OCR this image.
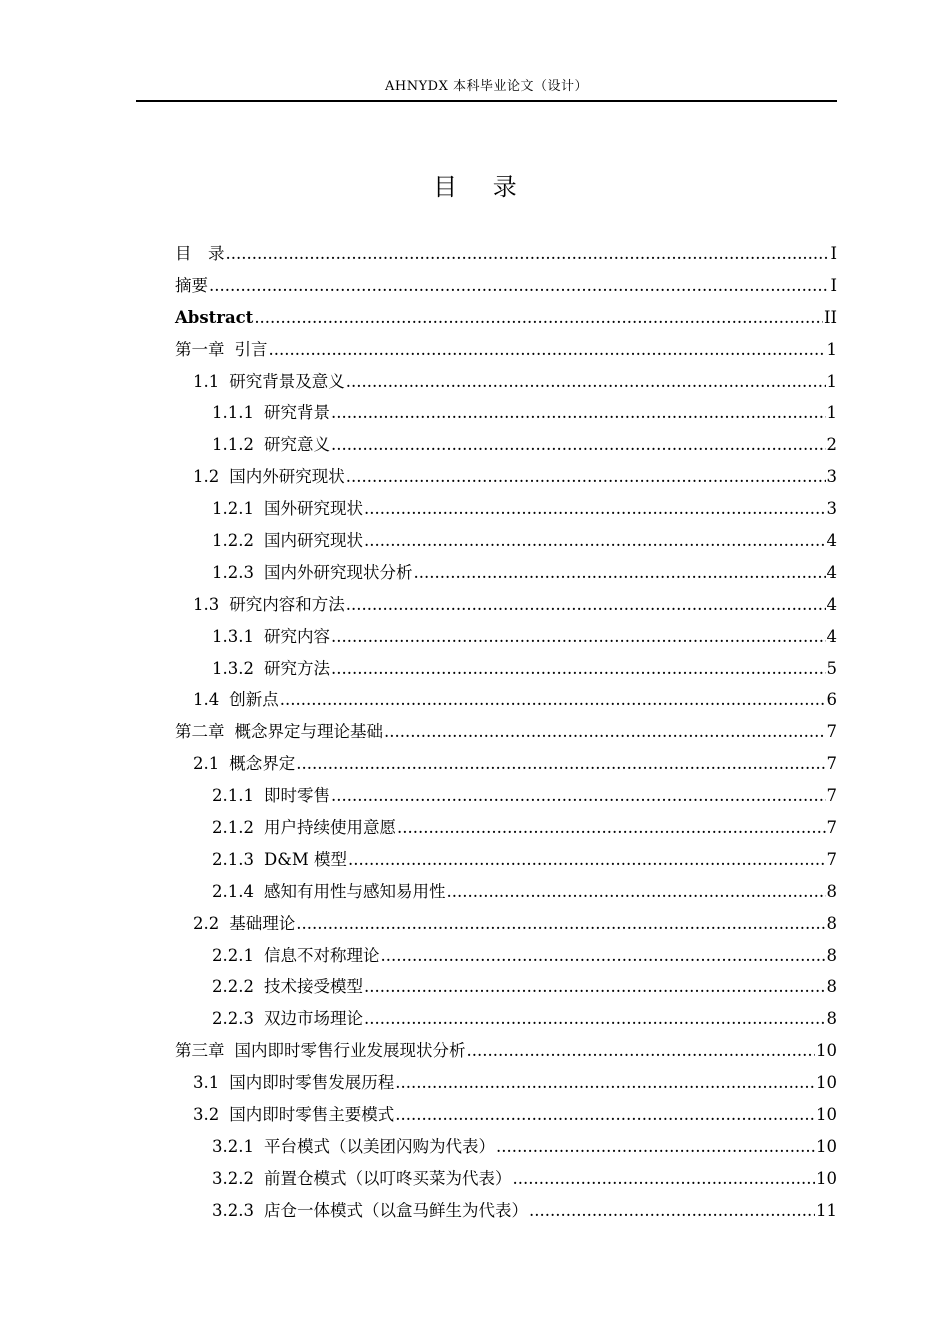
AHNYDX 本科毕业论文（设计）
目 录
目　录 .....	I
摘要 .....	I
Abstract .....	II
第一章 引言 .....	1
1.1 研究背景及意义 .....	1
1.1.1 研究背景 .....	1
1.1.2 研究意义 .....	2
1.2 国内外研究现状 .....	3
1.2.1 国外研究现状 .....	3
1.2.2 国内研究现状 .....	4
1.2.3 国内外研究现状分析 .....	4
1.3 研究内容和方法 .....	4
1.3.1 研究内容 .....	4
1.3.2 研究方法 .....	5
1.4 创新点 .....	6
第二章 概念界定与理论基础 .....	7
2.1 概念界定 .....	7
2.1.1 即时零售 .....	7
2.1.2 用户持续使用意愿 .....	7
2.1.3 D&M 模型 .....	7
2.1.4 感知有用性与感知易用性 .....	8
2.2 基础理论 .....	8
2.2.1 信息不对称理论 .....	8
2.2.2 技术接受模型 .....	8
2.2.3 双边市场理论 .....	8
第三章 国内即时零售行业发展现状分析 .....	10
3.1 国内即时零售发展历程 .....	10
3.2 国内即时零售主要模式 .....	10
3.2.1 平台模式（以美团闪购为代表） .....	10
3.2.2 前置仓模式（以叮咚买菜为代表） .....	10
3.2.3 店仓一体模式（以盒马鲜生为代表） .....	11
